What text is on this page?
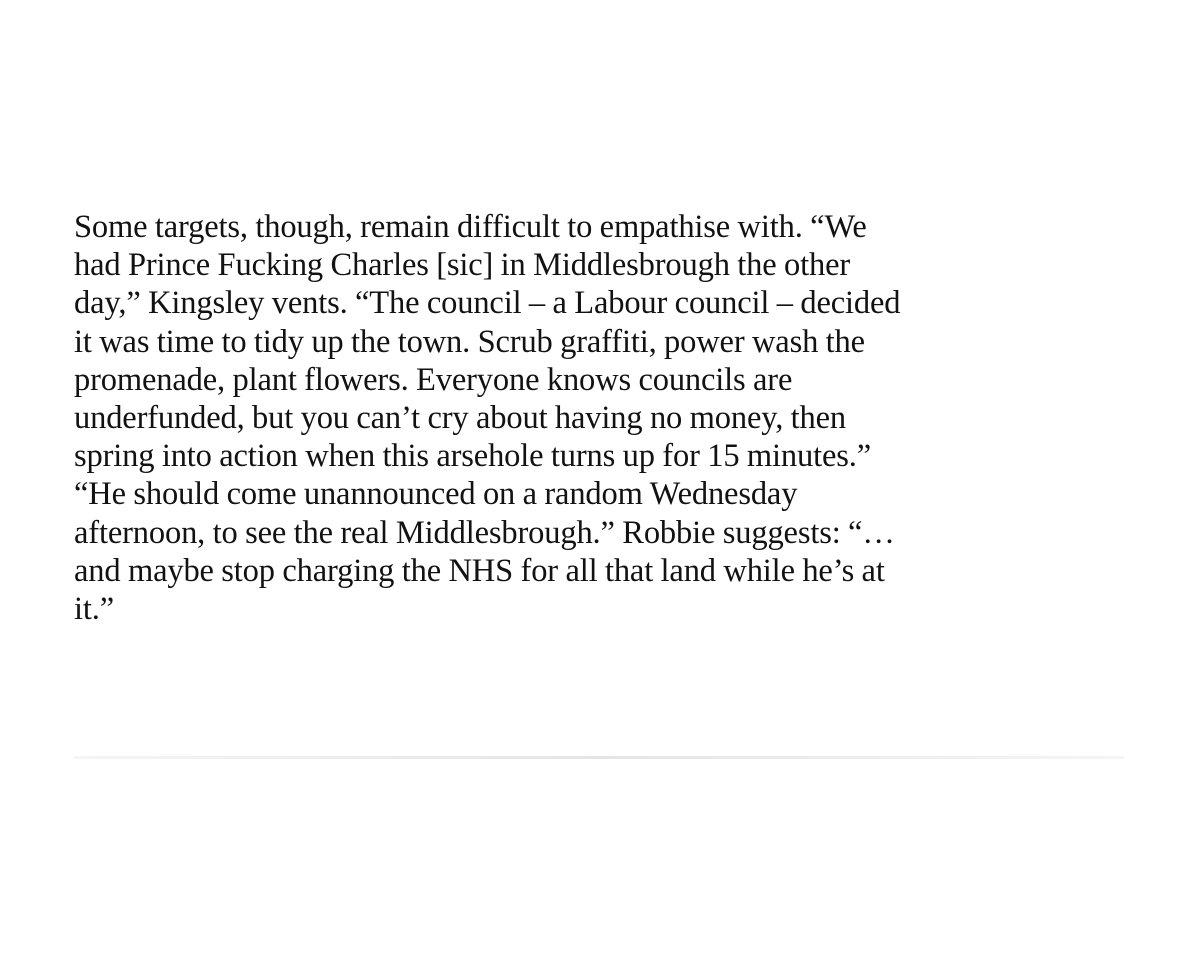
Some targets, though, remain difficult to empathise with. “We
had Prince Fucking Charles [sic] in Middlesbrough the other
day,” Kingsley vents. “The council – a Labour council – decided
it was time to tidy up the town. Scrub graffiti, power wash the
promenade, plant flowers. Everyone knows councils are
underfunded, but you can’t cry about having no money, then
spring into action when this arsehole turns up for 15 minutes.”
“He should come unannounced on a random Wednesday
afternoon, to see the real Middlesbrough.” Robbie suggests: “…
and maybe stop charging the NHS for all that land while he’s at
it.”
